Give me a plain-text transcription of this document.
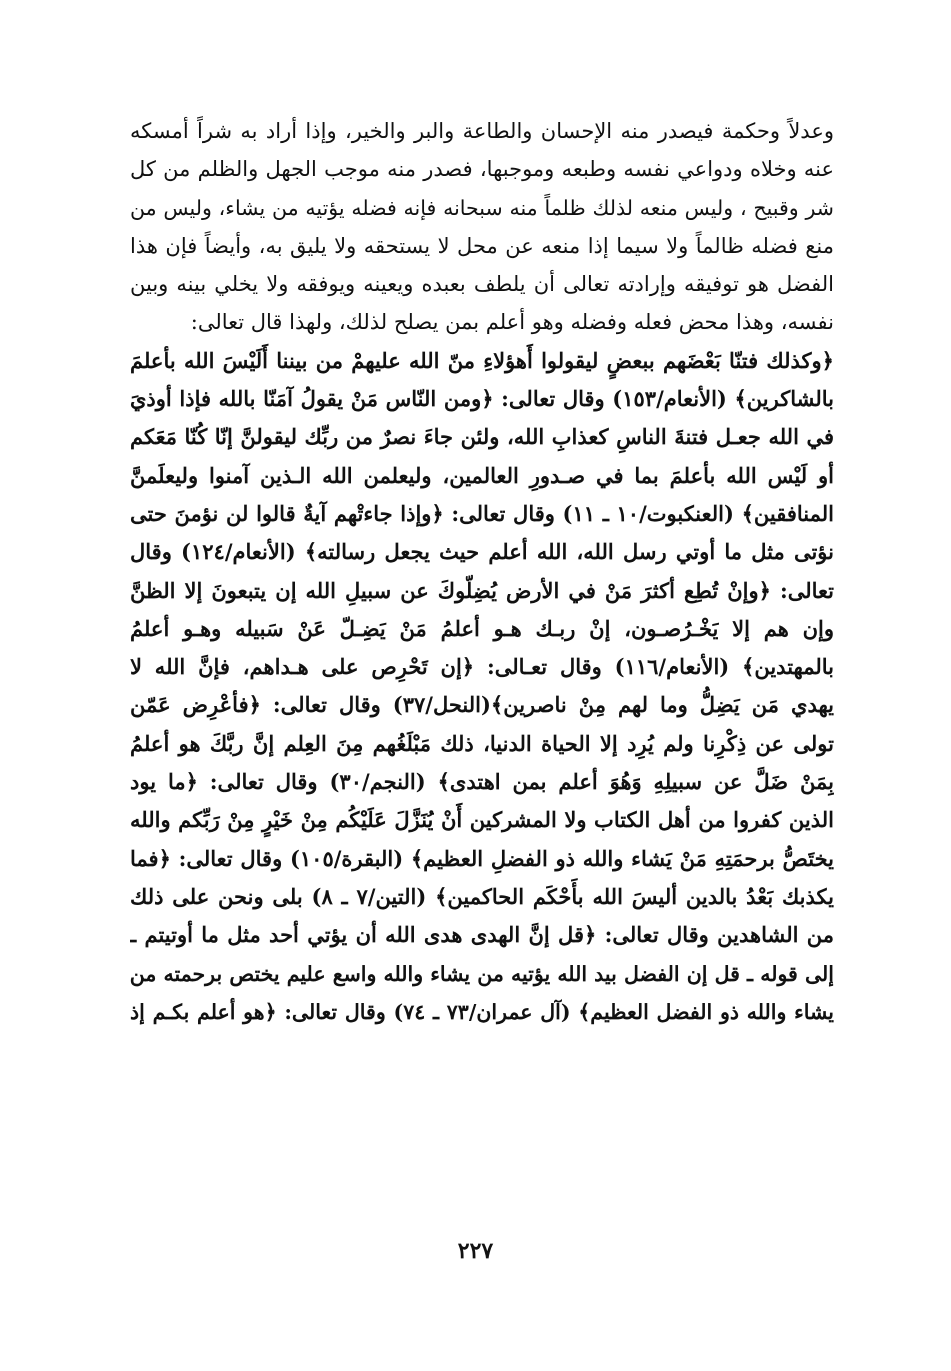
وعدلاً وحكمة فيصدر منه الإحسان والطاعة والبر والخير، وإذا أراد به شراً أمسكه
عنه وخلاه ودواعي نفسه وطبعه وموجبها، فصدر منه موجب الجهل والظلم من كل
شر وقبيح ، وليس منعه لذلك ظلماً منه سبحانه فإنه فضله يؤتيه من يشاء، وليس من
منع فضله ظالماً ولا سيما إذا منعه عن محل لا يستحقه ولا يليق به، وأيضاً فإن هذا
الفضل هو توفيقه وإرادته تعالى أن يلطف بعبده ويعينه ويوفقه ولا يخلي بينه وبين
نفسه، وهذا محض فعله وفضله وهو أعلم بمن يصلح لذلك، ولهذا قال تعالى:
﴿وكذلك فتنّا بَعْضَهم ببعضٍ ليقولوا أَهؤلاءِ منّ الله عليهمْ من بيننا أَلَيْسَ الله بأعلمَ
بالشاكرين﴾ (الأنعام/١٥٣) وقال تعالى: ﴿ومن النّاس مَنْ يقولُ آمَنّا بالله فإذا أوذيَ
في الله جعـل فتنةَ الناسِ كعذابِ الله، ولئن جاءَ نصرٌ من ربِّك ليقولنَّ إنّا كُنّا مَعَكم
أو لَيْس الله بأعلمَ بما في صـدورِ العالمين، وليعلمن الله الـذين آمنوا وليعلَمنَّ
المنافقين﴾ (العنكبوت/١٠ ـ ١١) وقال تعالى: ﴿وإذا جاءتْهم آيةٌ قالوا لن نؤمنَ حتى
نؤتى مثل ما أوتي رسل الله، الله أعلم حيث يجعل رسالته﴾ (الأنعام/١٢٤) وقال
تعالى: ﴿وإنْ تُطِع أكثرَ مَنْ في الأرض يُضِلّوكَ عن سبيلِ الله إن يتبعونَ إلا الظنَّ
وإن هم إلا يَخْـرُصـون، إنْ ربـك هـو أعلمُ مَنْ يَضِـلّ عَنْ سَبيله وهـو أعلمُ
بالمهتدين﴾ (الأنعام/١١٦) وقال تعـالى: ﴿إن تَحْرِص على هـداهم، فإنَّ الله لا
يهدي مَن يَضِلُّ وما لهم مِنْ ناصرين﴾(النحل/٣٧) وقال تعالى: ﴿فأعْرِض عَمّن
تولى عن ذِكْرِنا ولم يُرِد إلا الحياة الدنيا، ذلك مَبْلَغُهم مِنَ العِلم إنَّ ربَّكَ هو أعلمُ
بِمَنْ ضَلَّ عن سبيلِهِ وَهُوَ أعلم بمن اهتدى﴾ (النجم/٣٠) وقال تعالى: ﴿ما يود
الذين كفروا من أهل الكتاب ولا المشركين أَنْ يُنَزَّلَ عَلَيْكُم مِنْ خَيْرٍ مِنْ رَبِّكم والله
يختَصُّ برحمَتِهِ مَنْ يَشاء والله ذو الفضلِ العظيم﴾ (البقرة/١٠٥) وقال تعالى: ﴿فما
يكذبك بَعْدُ بالدين أليسَ الله بأَحْكَم الحاكمين﴾ (التين/٧ ـ ٨) بلى ونحن على ذلك
من الشاهدين وقال تعالى: ﴿قل إنَّ الهدى هدى الله أن يؤتي أحد مثل ما أوتيتم ـ
إلى قوله ـ قل إن الفضل بيد الله يؤتيه من يشاء والله واسع عليم يختص برحمته من
يشاء والله ذو الفضل العظيم﴾ (آل عمران/٧٣ ـ ٧٤) وقال تعالى: ﴿هو أعلم بكـم إذ
٢٢٧
